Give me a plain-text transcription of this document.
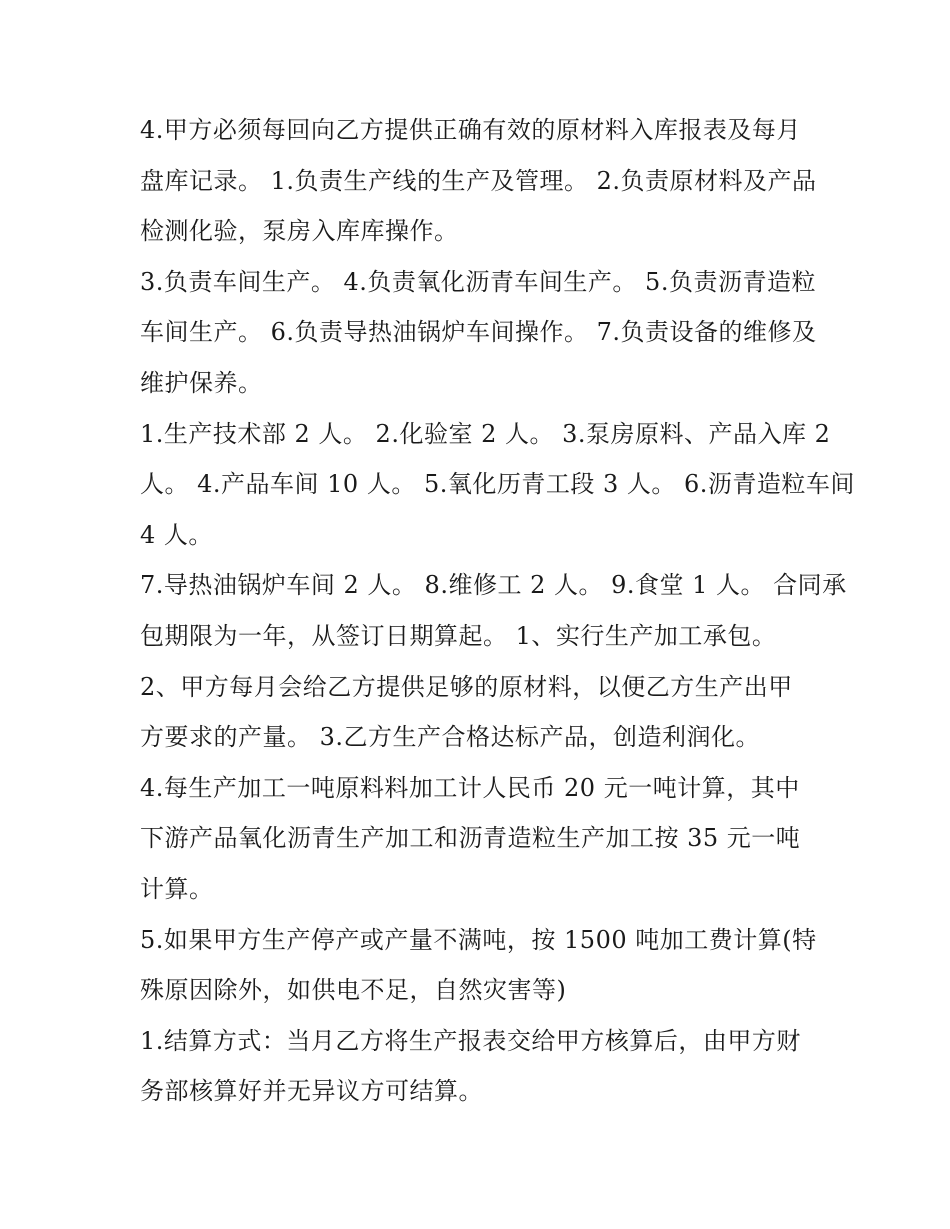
4.甲方必须每回向乙方提供正确有效的原材料入库报表及每月
盘库记录。 1.负责生产线的生产及管理。 2.负责原材料及产品
检测化验，泵房入库库操作。
3.负责车间生产。 4.负责氧化沥青车间生产。 5.负责沥青造粒
车间生产。 6.负责导热油锅炉车间操作。 7.负责设备的维修及
维护保养。
1.生产技术部 2 人。 2.化验室 2 人。 3.泵房原料、产品入库 2
人。 4.产品车间 10 人。 5.氧化历青工段 3 人。 6.沥青造粒车间
4 人。
7.导热油锅炉车间 2 人。 8.维修工 2 人。 9.食堂 1 人。 合同承
包期限为一年，从签订日期算起。 1、实行生产加工承包。
2、甲方每月会给乙方提供足够的原材料，以便乙方生产出甲
方要求的产量。 3.乙方生产合格达标产品，创造利润化。
4.每生产加工一吨原料料加工计人民币 20 元一吨计算，其中
下游产品氧化沥青生产加工和沥青造粒生产加工按 35 元一吨
计算。
5.如果甲方生产停产或产量不满吨，按 1500 吨加工费计算(特
殊原因除外，如供电不足，自然灾害等)
1.结算方式：当月乙方将生产报表交给甲方核算后，由甲方财
务部核算好并无异议方可结算。
